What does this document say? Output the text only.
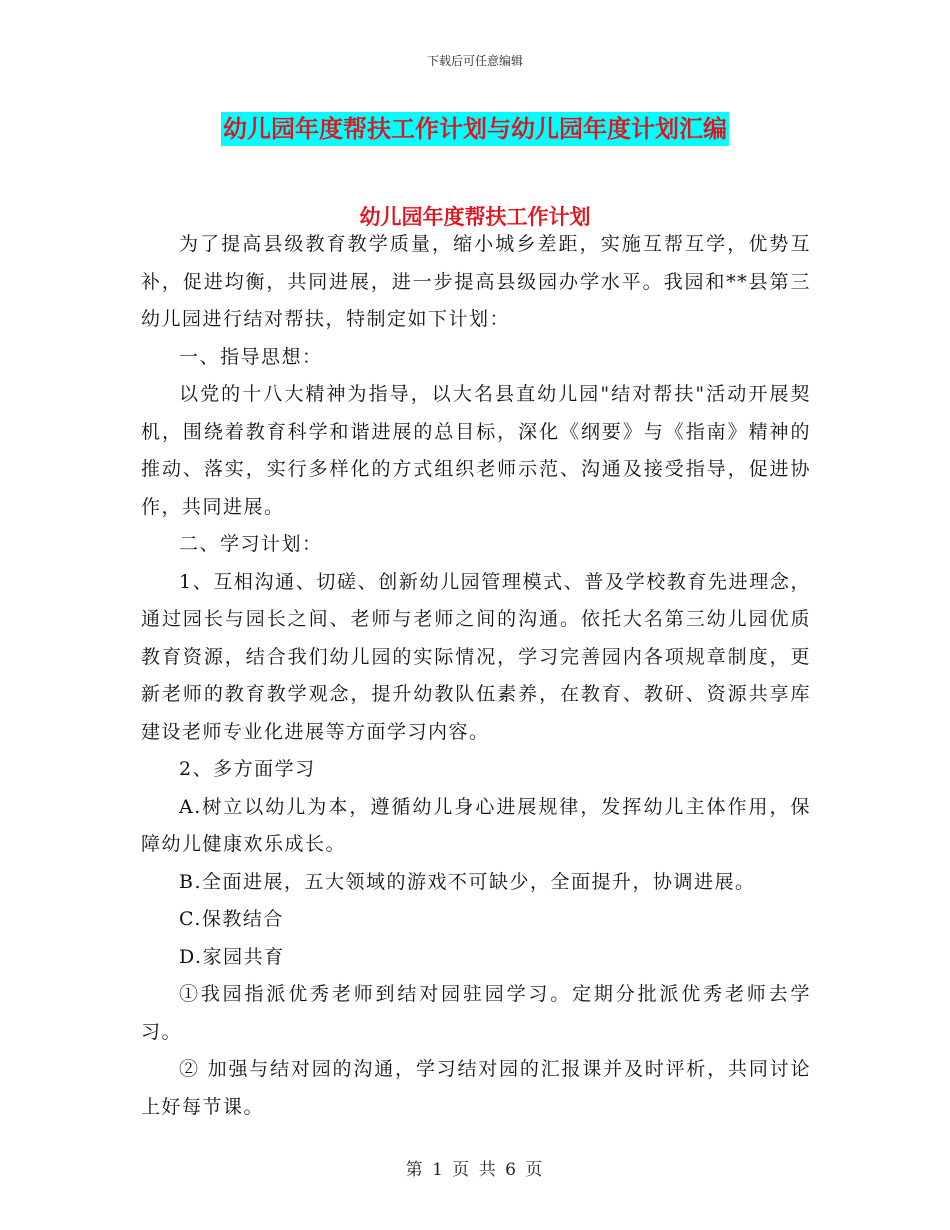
下载后可任意编辑
幼儿园年度帮扶工作计划与幼儿园年度计划汇编
幼儿园年度帮扶工作计划

为了提高县级教育教学质量，缩小城乡差距，实施互帮互学，优势互补，促进均衡，共同进展，进一步提高县级园办学水平。我园和**县第三幼儿园进行结对帮扶，特制定如下计划：

一、指导思想：

以党的十八大精神为指导，以大名县直幼儿园"结对帮扶"活动开展契机，围绕着教育科学和谐进展的总目标，深化《纲要》与《指南》精神的推动、落实，实行多样化的方式组织老师示范、沟通及接受指导，促进协作，共同进展。

二、学习计划：

1、互相沟通、切磋、创新幼儿园管理模式、普及学校教育先进理念，通过园长与园长之间、老师与老师之间的沟通。依托大名第三幼儿园优质教育资源，结合我们幼儿园的实际情况，学习完善园内各项规章制度，更新老师的教育教学观念，提升幼教队伍素养，在教育、教研、资源共享库建设老师专业化进展等方面学习内容。

2、多方面学习

A.树立以幼儿为本，遵循幼儿身心进展规律，发挥幼儿主体作用，保障幼儿健康欢乐成长。

B.全面进展，五大领域的游戏不可缺少，全面提升，协调进展。

C.保教结合

D.家园共育

①我园指派优秀老师到结对园驻园学习。定期分批派优秀老师去学习。

② 加强与结对园的沟通，学习结对园的汇报课并及时评析，共同讨论上好每节课。

第 1 页 共 6 页
